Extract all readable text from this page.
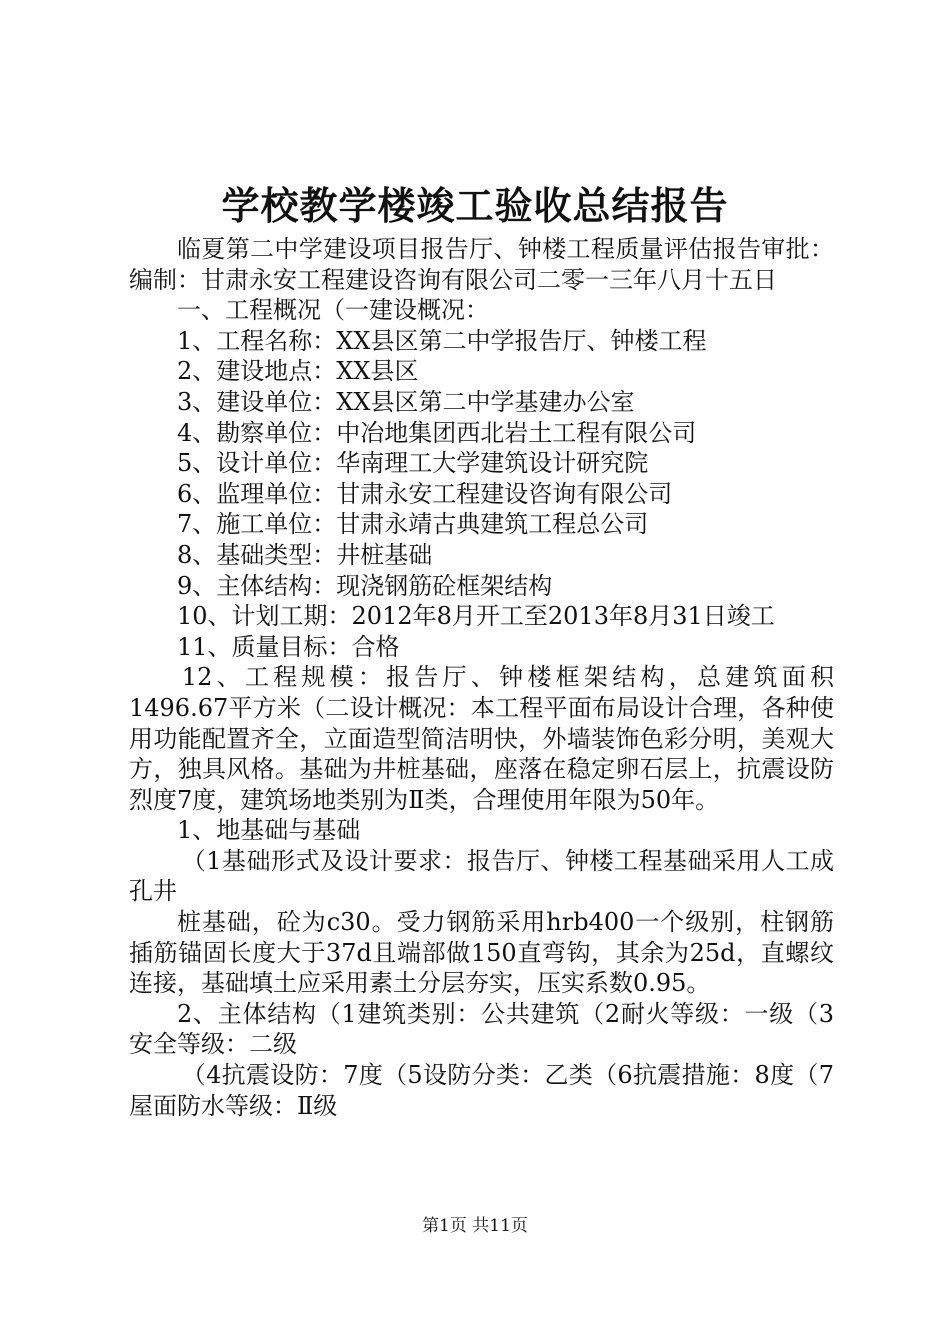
学校教学楼竣工验收总结报告

临夏第二中学建设项目报告厅、钟楼工程质量评估报告审批：编制：甘肃永安工程建设咨询有限公司二零一三年八月十五日

一、工程概况（一建设概况：

1、工程名称：XX县区第二中学报告厅、钟楼工程

2、建设地点：XX县区

3、建设单位：XX县区第二中学基建办公室

4、勘察单位：中冶地集团西北岩土工程有限公司

5、设计单位：华南理工大学建筑设计研究院

6、监理单位：甘肃永安工程建设咨询有限公司

7、施工单位：甘肃永靖古典建筑工程总公司

8、基础类型：井桩基础

9、主体结构：现浇钢筋砼框架结构

10、计划工期：2012年8月开工至2013年8月31日竣工

11、质量目标：合格

12、工程规模：报告厅、钟楼框架结构，总建筑面积1496.67平方米（二设计概况：本工程平面布局设计合理，各种使用功能配置齐全，立面造型简洁明快，外墙装饰色彩分明，美观大方，独具风格。基础为井桩基础，座落在稳定卵石层上，抗震设防烈度7度，建筑场地类别为Ⅱ类，合理使用年限为50年。

1、地基础与基础

（1基础形式及设计要求：报告厅、钟楼工程基础采用人工成孔井

桩基础，砼为c30。受力钢筋采用hrb400一个级别，柱钢筋插筋锚固长度大于37d且端部做150直弯钩，其余为25d，直螺纹连接，基础填土应采用素土分层夯实，压实系数0.95。

2、主体结构（1建筑类别：公共建筑（2耐火等级：一级（3安全等级：二级

（4抗震设防：7度（5设防分类：乙类（6抗震措施：8度（7屋面防水等级：Ⅱ级

第1页 共11页
